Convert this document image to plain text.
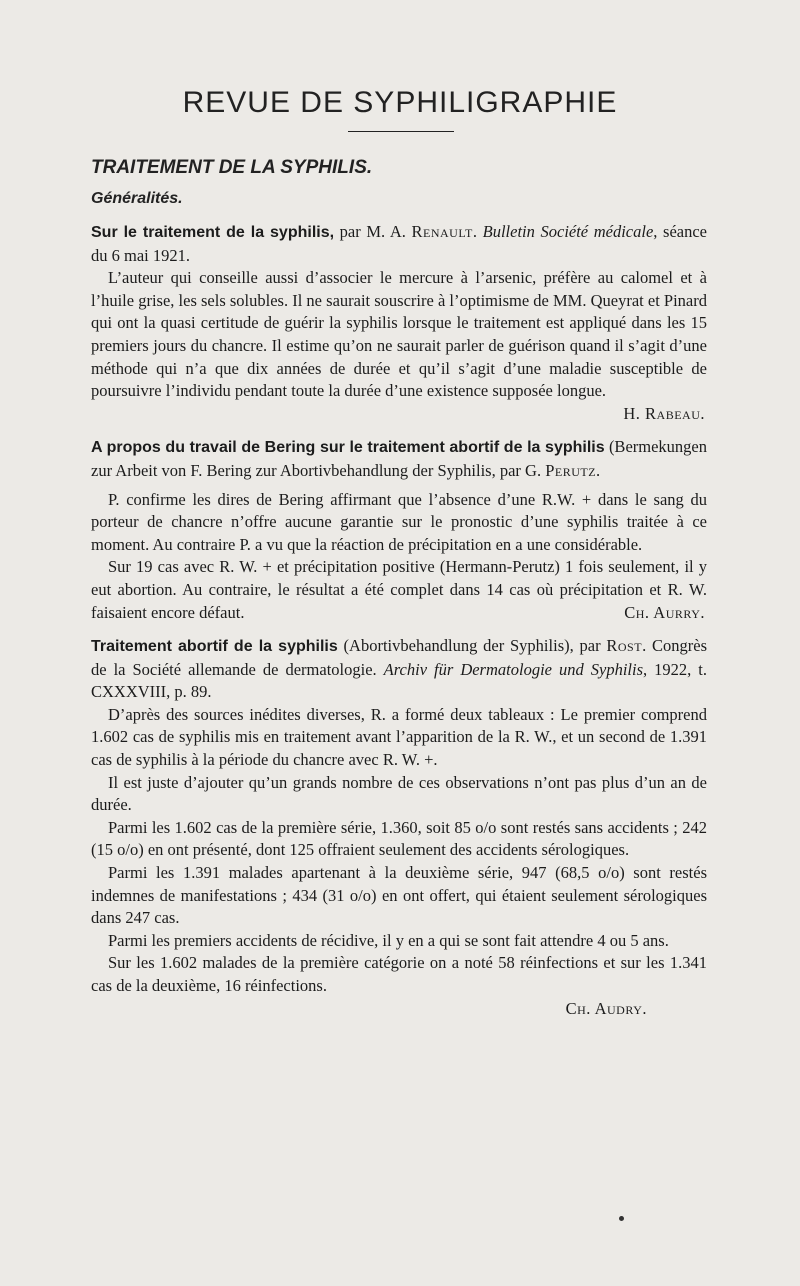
REVUE DE SYPHILIGRAPHIE
TRAITEMENT DE LA SYPHILIS.
Généralités.

Sur le traitement de la syphilis, par M. A. Renault. Bulletin Société médicale, séance du 6 mai 1921.

L’auteur qui conseille aussi d’associer le mercure à l’arsenic, préfère au calomel et à l’huile grise, les sels solubles. Il ne saurait souscrire à l’optimisme de MM. Queyrat et Pinard qui ont la quasi certitude de guérir la syphilis lorsque le traitement est appliqué dans les 15 premiers jours du chancre. Il estime qu’on ne saurait parler de guérison quand il s’agit d’une méthode qui n’a que dix années de durée et qu’il s’agit d’une maladie susceptible de poursuivre l’individu pendant toute la durée d’une existence supposée longue.

H. Rabeau.

A propos du travail de Bering sur le traitement abortif de la syphilis (Bermekungen zur Arbeit von F. Bering zur Abortivbehandlung der Syphilis, par G. Perutz.

P. confirme les dires de Bering affirmant que l’absence d’une R.W. + dans le sang du porteur de chancre n’offre aucune garantie sur le pronostic d’une syphilis traitée à ce moment. Au contraire P. a vu que la réaction de précipitation en a une considérable.

Sur 19 cas avec R. W. + et précipitation positive (Hermann-Perutz) 1 fois seulement, il y eut abortion. Au contraire, le résultat a été complet dans 14 cas où précipitation et R. W. faisaient encore défaut.	Ch. Aurry.

Traitement abortif de la syphilis (Abortivbehandlung der Syphilis), par Rost. Congrès de la Société allemande de dermatologie. Archiv für Dermatologie und Syphilis, 1922, t. CXXXVIII, p. 89.

D’après des sources inédites diverses, R. a formé deux tableaux : Le premier comprend 1.602 cas de syphilis mis en traitement avant l’apparition de la R. W., et un second de 1.391 cas de syphilis à la période du chancre avec R. W. +.

Il est juste d’ajouter qu’un grands nombre de ces observations n’ont pas plus d’un an de durée.

Parmi les 1.602 cas de la première série, 1.360, soit 85 o/o sont restés sans accidents ; 242 (15 o/o) en ont présenté, dont 125 offraient seulement des accidents sérologiques.

Parmi les 1.391 malades apartenant à la deuxième série, 947 (68,5 o/o) sont restés indemnes de manifestations ; 434 (31 o/o) en ont offert, qui étaient seulement sérologiques dans 247 cas.

Parmi les premiers accidents de récidive, il y en a qui se sont fait attendre 4 ou 5 ans.

Sur les 1.602 malades de la première catégorie on a noté 58 réinfections et sur les 1.341 cas de la deuxième, 16 réinfections.

Ch. Audry.
